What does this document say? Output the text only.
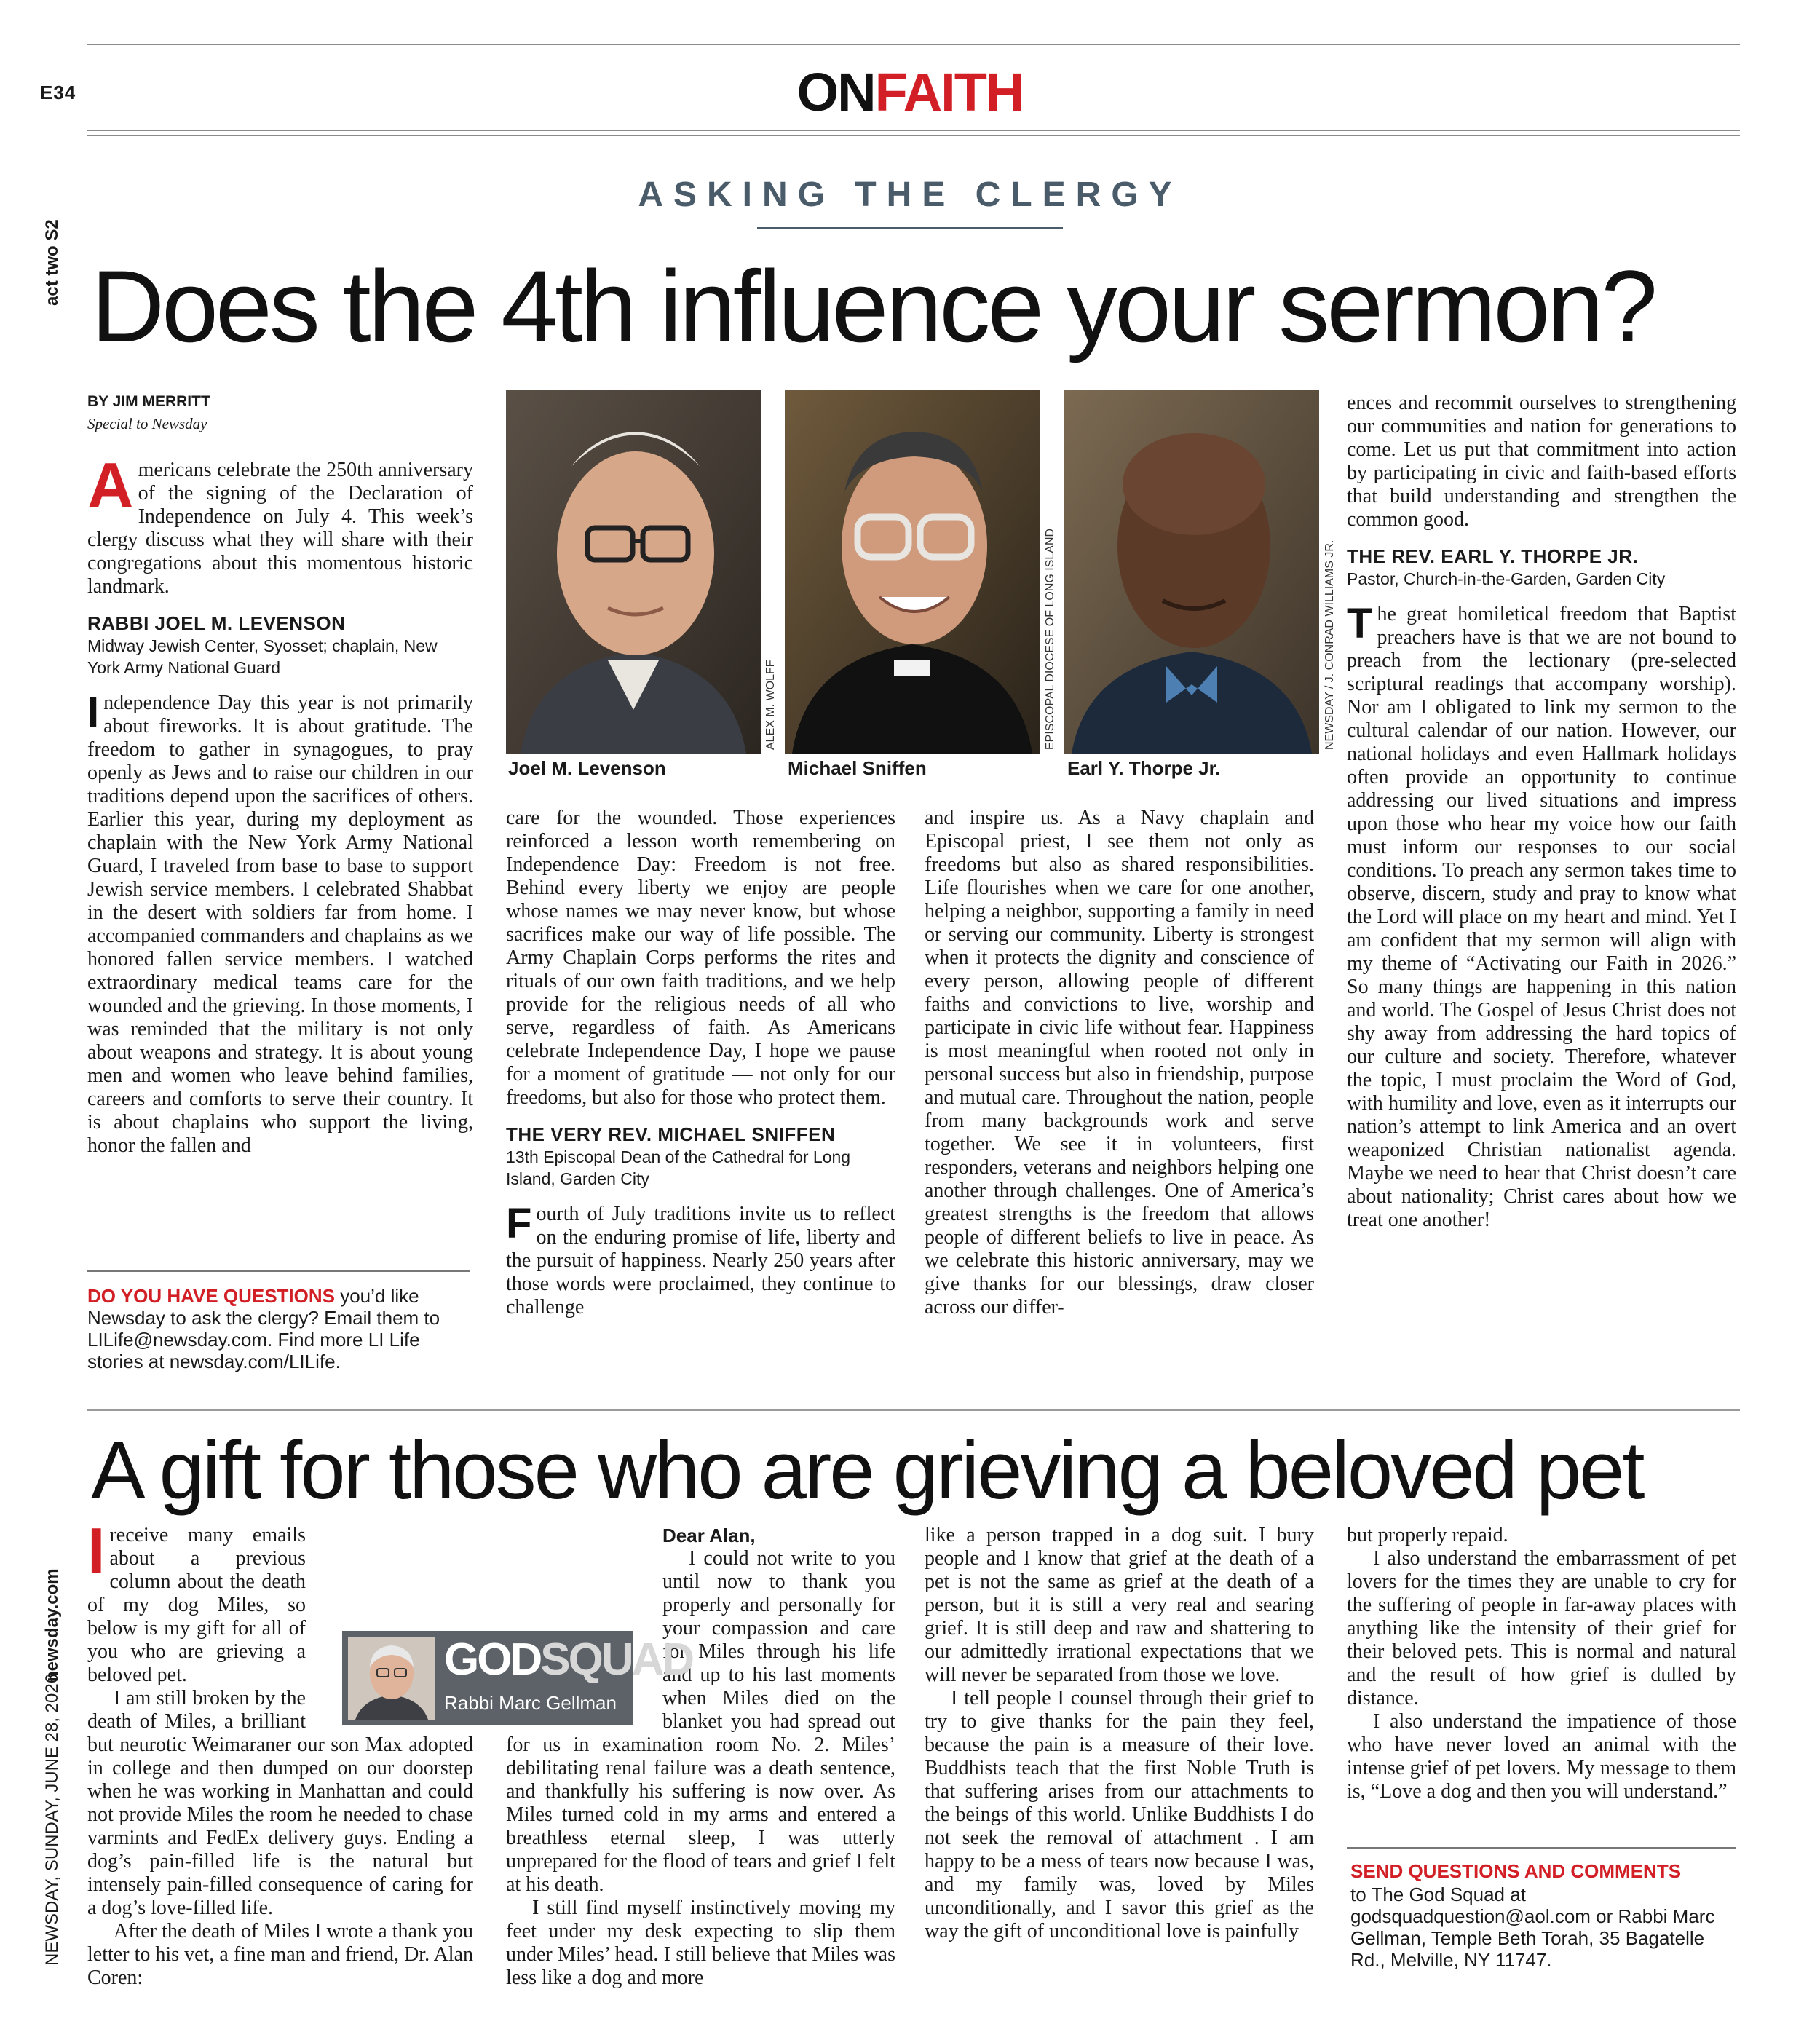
E34	ONFAITH
act two S2
newsday.com
NEWSDAY, SUNDAY, JUNE 28, 2026
ASKING THE CLERGY
Does the 4th influence your sermon?
BY JIM MERRITT
Special to Newsday

Americans celebrate the 250th anniversary of the signing of the Declaration of Independence on July 4. This week’s clergy discuss what they will share with their congregations about this momentous historic landmark.

RABBI JOEL M. LEVENSON
Midway Jewish Center, Syosset; chaplain, New York Army National Guard

Independence Day this year is not primarily about fireworks. It is about gratitude. The freedom to gather in synagogues, to pray openly as Jews and to raise our children in our traditions depend upon the sacrifices of others. Earlier this year, during my deployment as chaplain with the New York Army National Guard, I traveled from base to base to support Jewish service members. I celebrated Shabbat in the desert with soldiers far from home. I accompanied commanders and chaplains as we honored fallen service members. I watched extraordinary medical teams care for the wounded and the grieving. In those moments, I was reminded that the military is not only about weapons and strategy. It is about young men and women who leave behind families, careers and comforts to serve their country. It is about chaplains who support the living, honor the fallen and

Joel M. Levenson	Michael Sniffen	Earl Y. Thorpe Jr.
ALEX M. WOLFF	EPISCOPAL DIOCESE OF LONG ISLAND	NEWSDAY / J. CONRAD WILLIAMS JR.

care for the wounded. Those experiences reinforced a lesson worth remembering on Independence Day: Freedom is not free. Behind every liberty we enjoy are people whose names we may never know, but whose sacrifices make our way of life possible. The Army Chaplain Corps performs the rites and rituals of our own faith traditions, and we help provide for the religious needs of all who serve, regardless of faith. As Americans celebrate Independence Day, I hope we pause for a moment of gratitude — not only for our freedoms, but also for those who protect them.

THE VERY REV. MICHAEL SNIFFEN
13th Episcopal Dean of the Cathedral for Long Island, Garden City

Fourth of July traditions invite us to reflect on the enduring promise of life, liberty and the pursuit of happiness. Nearly 250 years after those words were proclaimed, they continue to challenge

and inspire us. As a Navy chaplain and Episcopal priest, I see them not only as freedoms but also as shared responsibilities. Life flourishes when we care for one another, helping a neighbor, supporting a family in need or serving our community. Liberty is strongest when it protects the dignity and conscience of every person, allowing people of different faiths and convictions to live, worship and participate in civic life without fear. Happiness is most meaningful when rooted not only in personal success but also in friendship, purpose and mutual care. Throughout the nation, people from many backgrounds work and serve together. We see it in volunteers, first responders, veterans and neighbors helping one another through challenges. One of America’s greatest strengths is the freedom that allows people of different beliefs to live in peace. As we celebrate this historic anniversary, may we give thanks for our blessings, draw closer across our differ-

ences and recommit ourselves to strengthening our communities and nation for generations to come. Let us put that commitment into action by participating in civic and faith-based efforts that build understanding and strengthen the common good.

THE REV. EARL Y. THORPE JR.
Pastor, Church-in-the-Garden, Garden City

The great homiletical freedom that Baptist preachers have is that we are not bound to preach from the lectionary (pre-selected scriptural readings that accompany worship). Nor am I obligated to link my sermon to the cultural calendar of our nation. However, our national holidays and even Hallmark holidays often provide an opportunity to continue addressing our lived situations and impress upon those who hear my voice how our faith must inform our responses to our social conditions. To preach any sermon takes time to observe, discern, study and pray to know what the Lord will place on my heart and mind. Yet I am confident that my sermon will align with my theme of “Activating our Faith in 2026.” So many things are happening in this nation and world. The Gospel of Jesus Christ does not shy away from addressing the hard topics of our culture and society. Therefore, whatever the topic, I must proclaim the Word of God, with humility and love, even as it interrupts our nation’s attempt to link America and an overt weaponized Christian nationalist agenda. Maybe we need to hear that Christ doesn’t care about nationality; Christ cares about how we treat one another!

DO YOU HAVE QUESTIONS you’d like Newsday to ask the clergy? Email them to LILife@newsday.com. Find more LI Life stories at newsday.com/LILife.
A gift for those who are grieving a beloved pet

Ireceive many emails about a previous column about the death of my dog Miles, so below is my gift for all of you who are grieving a beloved pet.

I am still broken by the death of Miles, a brilliant but neurotic Weimaraner our son Max adopted in college and then dumped on our doorstep when he was working in Manhattan and could not provide Miles the room he needed to chase varmints and FedEx delivery guys. Ending a dog’s pain-filled life is the natural but intensely pain-filled consequence of caring for a dog’s love-filled life.

After the death of Miles I wrote a thank you letter to his vet, a fine man and friend, Dr. Alan Coren:

Dear Alan,

I could not write to you until now to thank you properly and personally for your compassion and care for Miles through his life and up to his last moments when Miles died on the blanket you had spread out for us in examination room No. 2. Miles’ debilitating renal failure was a death sentence, and thankfully his suffering is now over. As Miles turned cold in my arms and entered a breathless eternal sleep, I was utterly unprepared for the flood of tears and grief I felt at his death.

I still find myself instinctively moving my feet under my desk expecting to slip them under Miles’ head. I still believe that Miles was less like a dog and more

like a person trapped in a dog suit. I bury people and I know that grief at the death of a pet is not the same as grief at the death of a person, but it is still a very real and searing grief. It is still deep and raw and shattering to our admittedly irrational expectations that we will never be separated from those we love.

I tell people I counsel through their grief to try to give thanks for the pain they feel, because the pain is a measure of their love. Buddhists teach that the first Noble Truth is that suffering arises from our attachments to the beings of this world. Unlike Buddhists I do not seek the removal of attachment . I am happy to be a mess of tears now because I was, and my family was, loved by Miles unconditionally, and I savor this grief as the way the gift of unconditional love is painfully

but properly repaid.

I also understand the embarrassment of pet lovers for the times they are unable to cry for the suffering of people in far-away places with anything like the intensity of their grief for their beloved pets. This is normal and natural and the result of how grief is dulled by distance.

I also understand the impatience of those who have never loved an animal with the intense grief of pet lovers. My message to them is, “Love a dog and then you will understand.”

GODSQUAD
Rabbi Marc Gellman
SEND QUESTIONS AND COMMENTS
to The God Squad at godsquadquestion@aol.com or Rabbi Marc Gellman, Temple Beth Torah, 35 Bagatelle Rd., Melville, NY 11747.
